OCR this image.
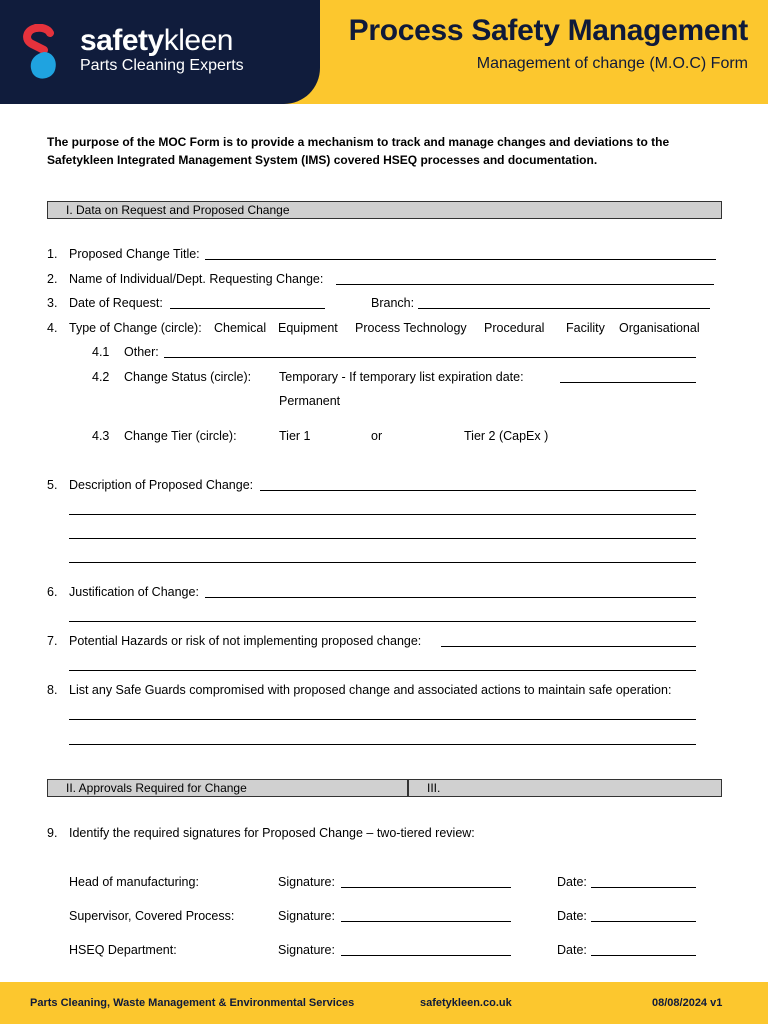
safetykleen
Parts Cleaning Experts
Process Safety Management
Management of change (M.O.C) Form
The purpose of the MOC Form is to provide a mechanism to track and manage changes and deviations to the Safetykleen Integrated Management System (IMS) covered HSEQ processes and documentation.
I. Data on Request and Proposed Change
1. Proposed Change Title:
2. Name of Individual/Dept. Requesting Change:
3. Date of Request:	Branch:
4. Type of Change (circle): Chemical Equipment Process Technology Procedural Facility Organisational
4.1 Other:
4.2 Change Status (circle): Temporary - If temporary list expiration date:
Permanent
4.3 Change Tier (circle):	Tier 1	or	Tier 2 (CapEx )
5. Description of Proposed Change:
6. Justification of Change:
7. Potential Hazards or risk of not implementing proposed change:
8. List any Safe Guards compromised with proposed change and associated actions to maintain safe operation:
II. Approvals Required for Change	III.
9. Identify the required signatures for Proposed Change – two-tiered review:
Head of manufacturing:	Signature:	Date:
Supervisor, Covered Process:	Signature:	Date:
HSEQ Department:	Signature:	Date:
Parts Cleaning, Waste Management & Environmental Services	safetykleen.co.uk	08/08/2024 v1
